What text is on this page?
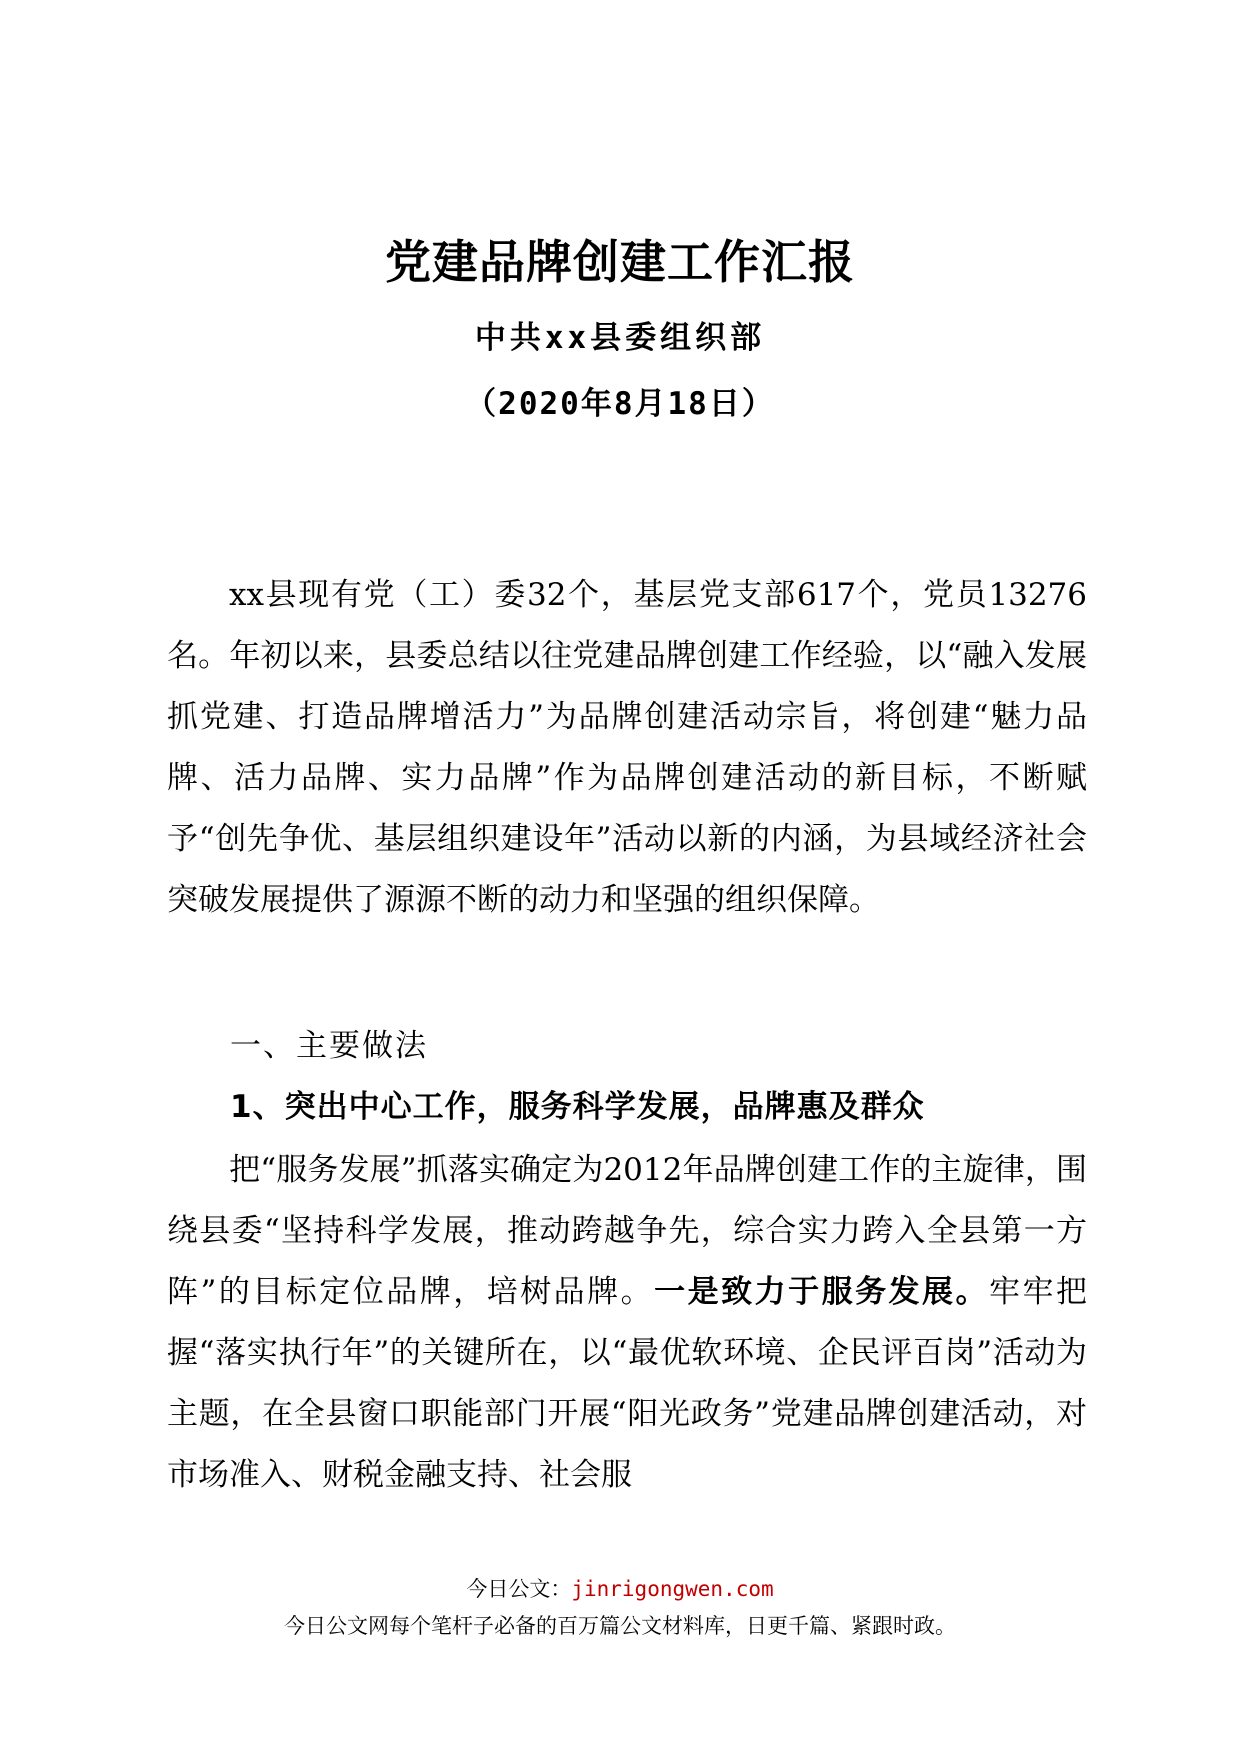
党建品牌创建工作汇报
中共xx县委组织部
（2020年8月18日）
xx县现有党（工）委32个，基层党支部617个，党员13276名。年初以来，县委总结以往党建品牌创建工作经验，以“融入发展抓党建、打造品牌增活力”为品牌创建活动宗旨，将创建“魅力品牌、活力品牌、实力品牌”作为品牌创建活动的新目标，不断赋予“创先争优、基层组织建设年”活动以新的内涵，为县域经济社会突破发展提供了源源不断的动力和坚强的组织保障。
一、主要做法
1、突出中心工作，服务科学发展，品牌惠及群众
把“服务发展”抓落实确定为2012年品牌创建工作的主旋律，围绕县委“坚持科学发展，推动跨越争先，综合实力跨入全县第一方阵”的目标定位品牌，培树品牌。一是致力于服务发展。牢牢把握“落实执行年”的关键所在，以“最优软环境、企民评百岗”活动为主题，在全县窗口职能部门开展“阳光政务”党建品牌创建活动，对市场准入、财税金融支持、社会服
今日公文：jinrigongwen.com
今日公文网每个笔杆子必备的百万篇公文材料库，日更千篇、紧跟时政。
